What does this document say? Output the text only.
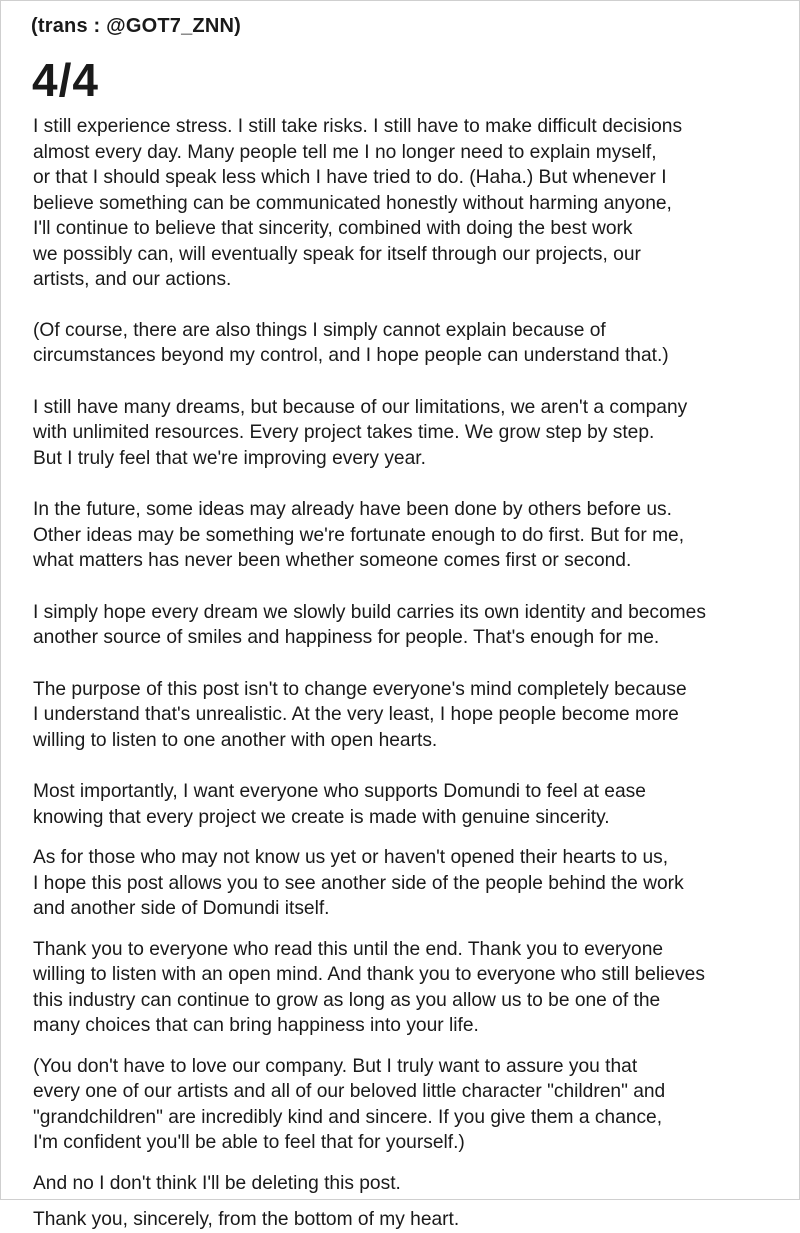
(trans : @GOT7_ZNN)
4/4

I still experience stress. I still take risks. I still have to make difficult decisions
almost every day. Many people tell me I no longer need to explain myself,
or that I should speak less which I have tried to do. (Haha.) But whenever I
believe something can be communicated honestly without harming anyone,
I'll continue to believe that sincerity, combined with doing the best work
we possibly can, will eventually speak for itself through our projects, our
artists, and our actions.

(Of course, there are also things I simply cannot explain because of
circumstances beyond my control, and I hope people can understand that.)

I still have many dreams, but because of our limitations, we aren't a company
with unlimited resources. Every project takes time. We grow step by step.
But I truly feel that we're improving every year.

In the future, some ideas may already have been done by others before us.
Other ideas may be something we're fortunate enough to do first. But for me,
what matters has never been whether someone comes first or second.

I simply hope every dream we slowly build carries its own identity and becomes
another source of smiles and happiness for people. That's enough for me.

The purpose of this post isn't to change everyone's mind completely because
I understand that's unrealistic. At the very least, I hope people become more
willing to listen to one another with open hearts.

Most importantly, I want everyone who supports Domundi to feel at ease
knowing that every project we create is made with genuine sincerity.

As for those who may not know us yet or haven't opened their hearts to us,
I hope this post allows you to see another side of the people behind the work
and another side of Domundi itself.

Thank you to everyone who read this until the end. Thank you to everyone
willing to listen with an open mind. And thank you to everyone who still believes
this industry can continue to grow as long as you allow us to be one of the
many choices that can bring happiness into your life.

(You don't have to love our company. But I truly want to assure you that
every one of our artists and all of our beloved little character "children" and
"grandchildren" are incredibly kind and sincere. If you give them a chance,
I'm confident you'll be able to feel that for yourself.)

And no I don't think I'll be deleting this post.

Thank you, sincerely, from the bottom of my heart.
